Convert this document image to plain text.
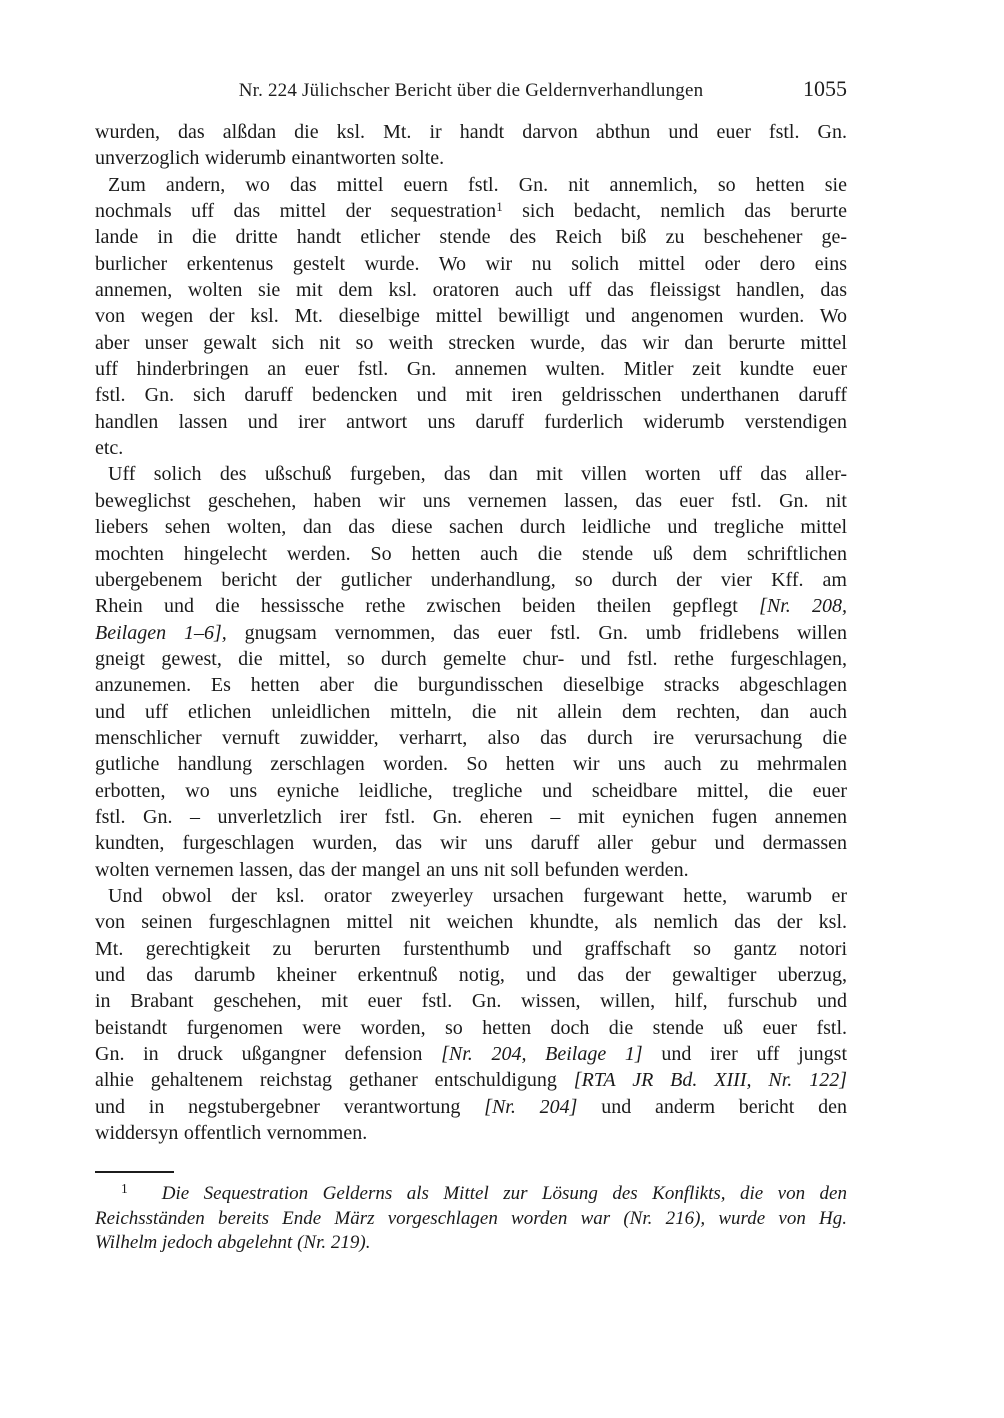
Nr. 224 Jülichscher Bericht über die Geldernverhandlungen	1055
wurden, das alßdan die ksl. Mt. ir handt darvon abthun und euer fstl. Gn.
unverzoglich widerumb einantworten solte.
Zum andern, wo das mittel euern fstl. Gn. nit annemlich, so hetten sie
nochmals uff das mittel der sequestration$^1$ sich bedacht, nemlich das berurte
lande in die dritte handt etlicher stende des Reich biß zu beschehener ge-
burlicher erkentenus gestelt wurde. Wo wir nu solich mittel oder dero eins
annemen, wolten sie mit dem ksl. oratoren auch uff das fleissigst handlen, das
von wegen der ksl. Mt. dieselbige mittel bewilligt und angenomen wurden. Wo
aber unser gewalt sich nit so weith strecken wurde, das wir dan berurte mittel
uff hinderbringen an euer fstl. Gn. annemen wulten. Mitler zeit kundte euer
fstl. Gn. sich daruff bedencken und mit iren geldrisschen underthanen daruff
handlen lassen und irer antwort uns daruff furderlich widerumb verstendigen
etc.
Uff solich des ußschuß furgeben, das dan mit villen worten uff das aller-
beweglichst geschehen, haben wir uns vernemen lassen, das euer fstl. Gn. nit
liebers sehen wolten, dan das diese sachen durch leidliche und tregliche mittel
mochten hingelecht werden. So hetten auch die stende uß dem schriftlichen
ubergebenem bericht der gutlicher underhandlung, so durch der vier Kff. am
Rhein und die hessissche rethe zwischen beiden theilen gepflegt [Nr. 208,
Beilagen 1–6], gnugsam vernommen, das euer fstl. Gn. umb fridlebens willen
gneigt gewest, die mittel, so durch gemelte chur- und fstl. rethe furgeschlagen,
anzunemen. Es hetten aber die burgundisschen dieselbige stracks abgeschlagen
und uff etlichen unleidlichen mitteln, die nit allein dem rechten, dan auch
menschlicher vernuft zuwidder, verharrt, also das durch ire verursachung die
gutliche handlung zerschlagen worden. So hetten wir uns auch zu mehrmalen
erbotten, wo uns eyniche leidliche, tregliche und scheidbare mittel, die euer
fstl. Gn. – unverletzlich irer fstl. Gn. eheren – mit eynichen fugen annemen
kundten, furgeschlagen wurden, das wir uns daruff aller gebur und dermassen
wolten vernemen lassen, das der mangel an uns nit soll befunden werden.
Und obwol der ksl. orator zweyerley ursachen furgewant hette, warumb er
von seinen furgeschlagnen mittel nit weichen khundte, als nemlich das der ksl.
Mt. gerechtigkeit zu berurten furstenthumb und graffschaft so gantz notori
und das darumb kheiner erkentnuß notig, und das der gewaltiger uberzug,
in Brabant geschehen, mit euer fstl. Gn. wissen, willen, hilf, furschub und
beistandt furgenomen were worden, so hetten doch die stende uß euer fstl.
Gn. in druck ußgangner defension [Nr. 204, Beilage 1] und irer uff jungst
alhie gehaltenem reichstag gethaner entschuldigung [RTA JR Bd. XIII, Nr. 122]
und in negstubergebner verantwortung [Nr. 204] und anderm bericht den
widdersyn offentlich vernommen.
$^1$ Die Sequestration Gelderns als Mittel zur Lösung des Konflikts, die von den
Reichsständen bereits Ende März vorgeschlagen worden war (Nr. 216), wurde von Hg.
Wilhelm jedoch abgelehnt (Nr. 219).
